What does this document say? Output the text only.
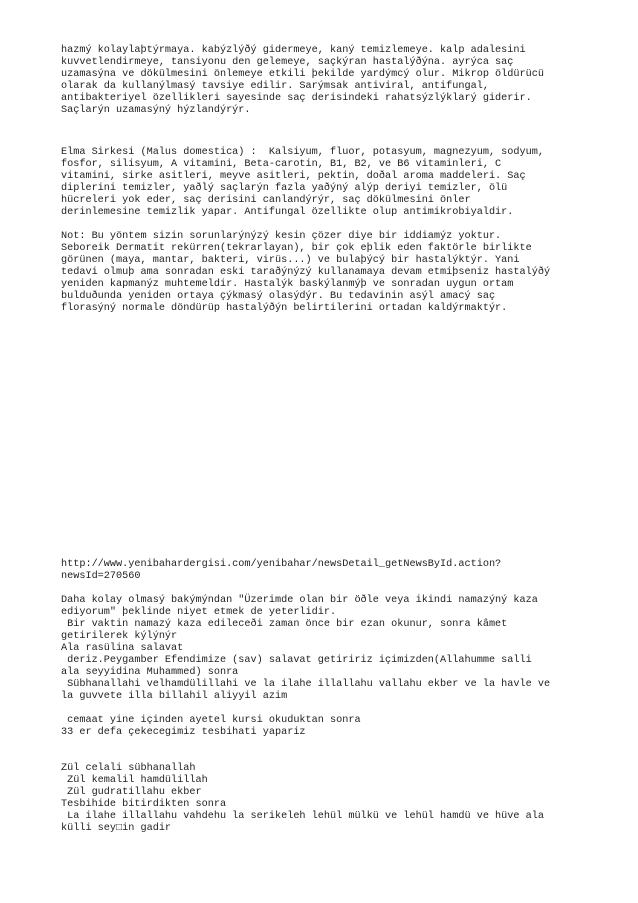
hazmý kolaylaþtýrmaya. kabýzlýðý gidermeye, kaný temizlemeye. kalp adalesini
kuvvetlendirmeye, tansiyonu den gelemeye, saçkýran hastalýðýna. ayrýca saç
uzamasýna ve dökülmesini önlemeye etkili þekilde yardýmcý olur. Mikrop öldürücü
olarak da kullanýlmasý tavsiye edilir. Sarýmsak antiviral, antifungal,
antibakteriyel özellikleri sayesinde saç derisindeki rahatsýzlýklarý giderir.
Saçlarýn uzamasýný hýzlandýrýr.
Elma Sirkesi (Malus domestica) :  Kalsiyum, fluor, potasyum, magnezyum, sodyum,
fosfor, silisyum, A vitamini, Beta-carotin, B1, B2, ve B6 vitaminleri, C
vitamini, sirke asitleri, meyve asitleri, pektin, doðal aroma maddeleri. Saç
diplerini temizler, yaðlý saçlarýn fazla yaðýný alýp deriyi temizler, ölü
hücreleri yok eder, saç derisini canlandýrýr, saç dökülmesini önler
derinlemesine temizlik yapar. Antifungal özellikte olup antimikrobiyaldir.
Not: Bu yöntem sizin sorunlarýnýzý kesin çözer diye bir iddiamýz yoktur.
Seboreik Dermatit rekürren(tekrarlayan), bir çok eþlik eden faktörle birlikte
görünen (maya, mantar, bakteri, virüs...) ve bulaþýcý bir hastalýktýr. Yani
tedavi olmuþ ama sonradan eski tarаðýnýzý kullanamaya devam etmiþseniz hastalýðý
yeniden kapmanýz muhtemeldir. Hastalýk baskýlanmýþ ve sonradan uygun ortam
bulduðunda yeniden ortaya çýkmasý olasýdýr. Bu tedavinin asýl amacý saç
florasýný normale döndürüp hastalýðýn belirtilerini ortadan kaldýrmaktýr.
http://www.yenibahardergisi.com/yenibahar/newsDetail_getNewsById.action?
newsId=270560
Daha kolay olmasý bakýmýndan "Üzerimde olan bir öðle veya ikindi namazýný kaza
ediyorum" þeklinde niyet etmek de yeterlidir.
Bir vaktin namazý kaza edileceði zaman önce bir ezan okunur, sonra kâmet
getirilerek kýlýnýr
Ala rasülina salavat
deriz.Peygamber Efendimize (sav) salavat getiririz içimizden(Allahumme salli
ala seyyidina Muhammed) sonra
Sübhanallahi velhamdülillahi ve la ilahe illallahu vallahu ekber ve la havle ve
la guvvete illa billahil aliyyil azim
cemaat yine içinden ayetel kursi okuduktan sonra
33 er defa çekecegimiz tesbihati yapariz
Zül celali sübhanallah
Zül kemalil hamdülillah
Zül gudratillahu ekber
Tesbihide bitirdikten sonra
La ilahe illallahu vahdehu la serikeleh lehül mülkü ve lehül hamdü ve hüve ala
külli sey□in gadir
